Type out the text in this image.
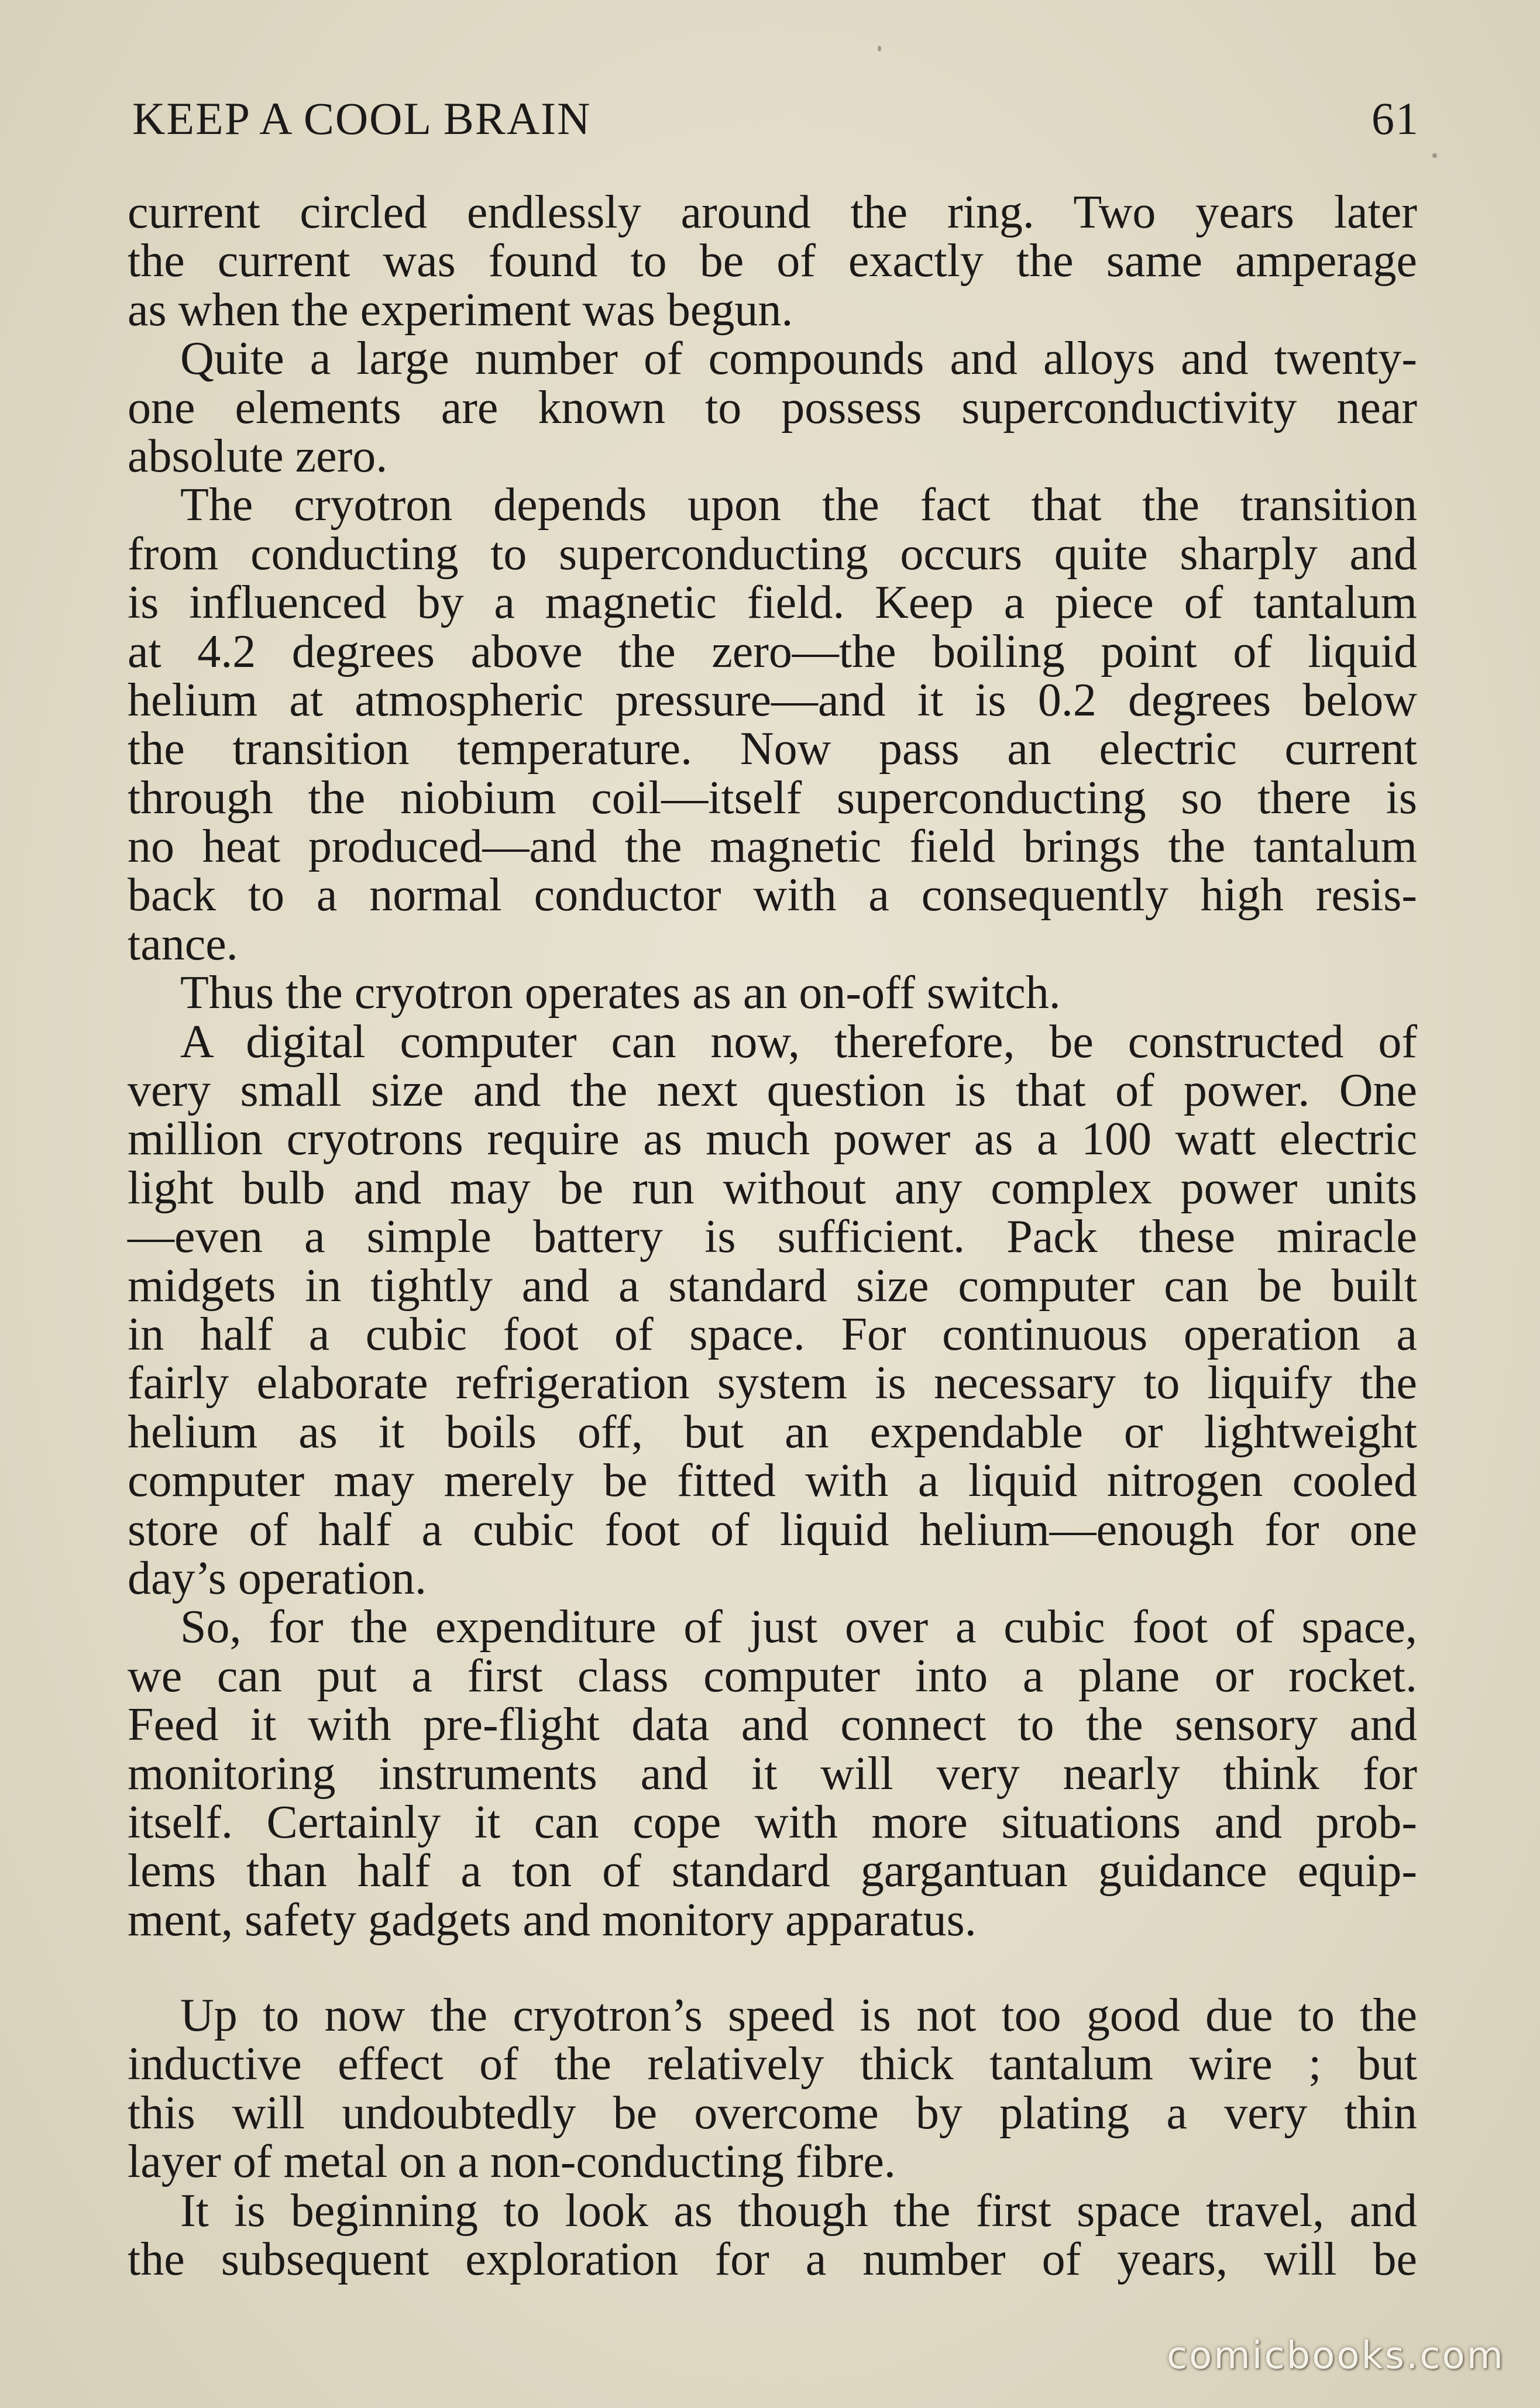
KEEP A COOL BRAIN	61
current circled endlessly around the ring. Two years later
the current was found to be of exactly the same amperage
as when the experiment was begun.
Quite a large number of compounds and alloys and twenty-
one elements are known to possess superconductivity near
absolute zero.
The cryotron depends upon the fact that the transition
from conducting to superconducting occurs quite sharply and
is influenced by a magnetic field. Keep a piece of tantalum
at 4.2 degrees above the zero—the boiling point of liquid
helium at atmospheric pressure—and it is 0.2 degrees below
the transition temperature. Now pass an electric current
through the niobium coil—itself superconducting so there is
no heat produced—and the magnetic field brings the tantalum
back to a normal conductor with a consequently high resis-
tance.
Thus the cryotron operates as an on-off switch.
A digital computer can now, therefore, be constructed of
very small size and the next question is that of power. One
million cryotrons require as much power as a 100 watt electric
light bulb and may be run without any complex power units
—even a simple battery is sufficient. Pack these miracle
midgets in tightly and a standard size computer can be built
in half a cubic foot of space. For continuous operation a
fairly elaborate refrigeration system is necessary to liquify the
helium as it boils off, but an expendable or lightweight
computer may merely be fitted with a liquid nitrogen cooled
store of half a cubic foot of liquid helium—enough for one
day’s operation.
So, for the expenditure of just over a cubic foot of space,
we can put a first class computer into a plane or rocket.
Feed it with pre-flight data and connect to the sensory and
monitoring instruments and it will very nearly think for
itself. Certainly it can cope with more situations and prob-
lems than half a ton of standard gargantuan guidance equip-
ment, safety gadgets and monitory apparatus.
Up to now the cryotron’s speed is not too good due to the
inductive effect of the relatively thick tantalum wire ; but
this will undoubtedly be overcome by plating a very thin
layer of metal on a non-conducting fibre.
It is beginning to look as though the first space travel, and
the subsequent exploration for a number of years, will be
comicbooks.com
